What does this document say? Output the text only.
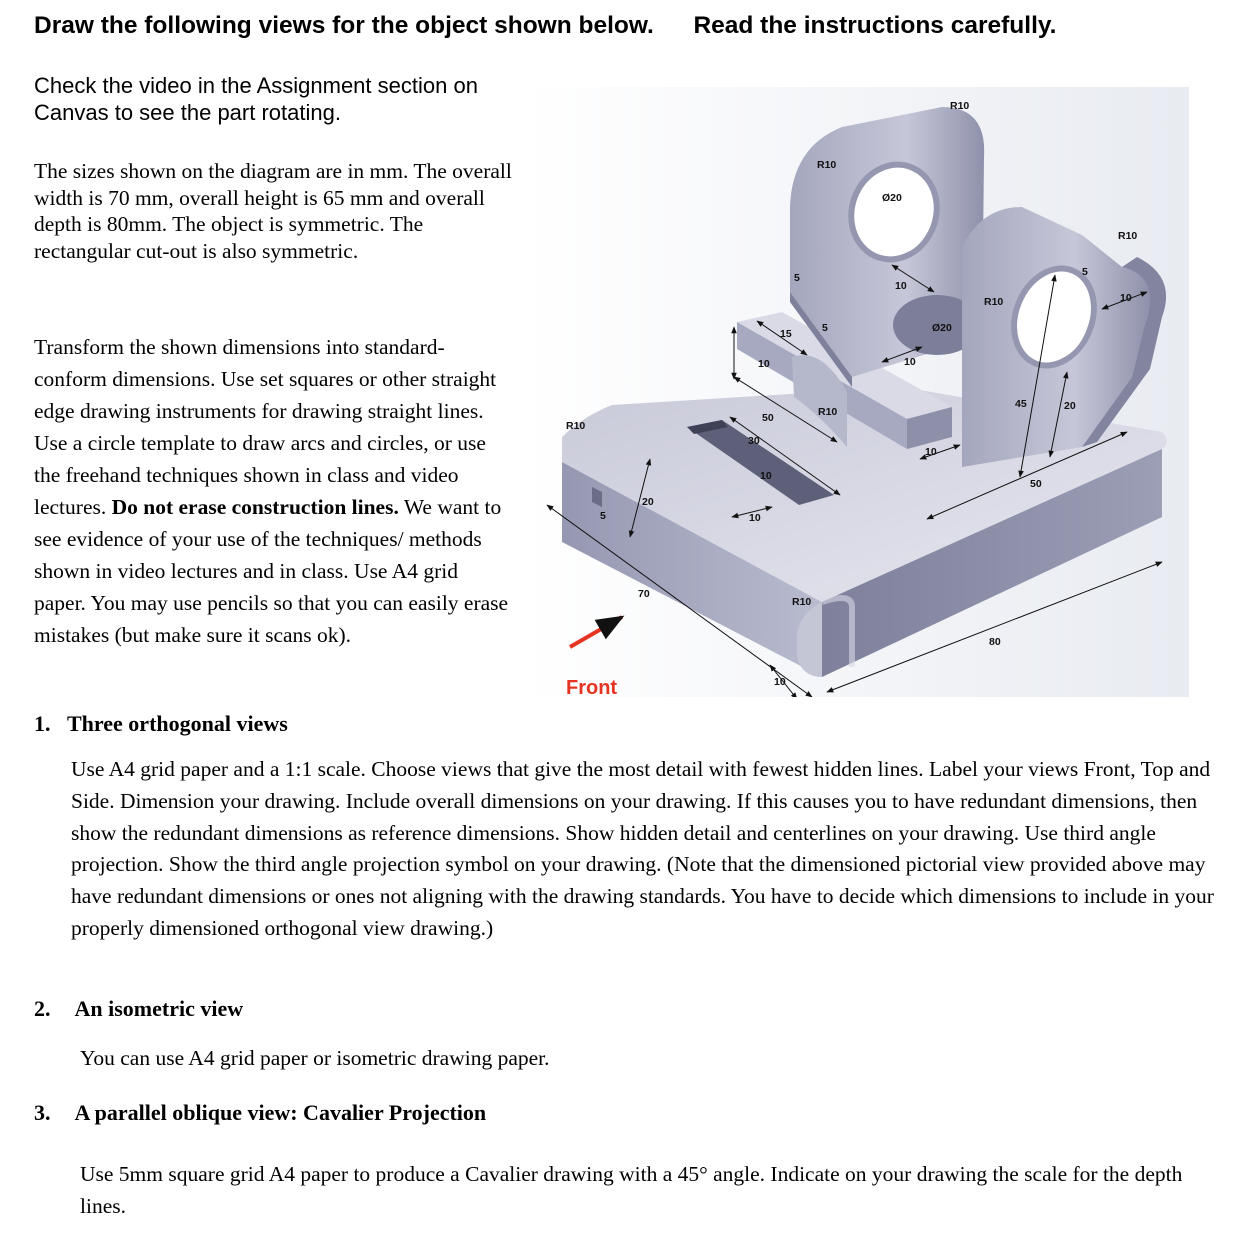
Draw the following views for the object shown below. Read the instructions carefully.
Check the video in the Assignment section on Canvas to see the part rotating.
The sizes shown on the diagram are in mm. The overall width is 70 mm, overall height is 65 mm and overall depth is 80mm. The object is symmetric. The rectangular cut-out is also symmetric.
Transform the shown dimensions into standard-conform dimensions. Use set squares or other straight edge drawing instruments for drawing straight lines. Use a circle template to draw arcs and circles, or use the freehand techniques shown in class and video lectures. Do not erase construction lines. We want to see evidence of your use of the techniques/ methods shown in video lectures and in class. Use A4 grid paper. You may use pencils so that you can easily erase mistakes (but make sure it scans ok).
Front
R10
R10
Ø20
R10
R10
Ø20
R10
R10
R10
5
5
5
5
10
10
10
10
10
10
10
10
15
50
30
20
70
45	20
50
80
1. Three orthogonal views
Use A4 grid paper and a 1:1 scale. Choose views that give the most detail with fewest hidden lines. Label your views Front, Top and Side. Dimension your drawing. Include overall dimensions on your drawing. If this causes you to have redundant dimensions, then show the redundant dimensions as reference dimensions. Show hidden detail and centerlines on your drawing. Use third angle projection. Show the third angle projection symbol on your drawing. (Note that the dimensioned pictorial view provided above may have redundant dimensions or ones not aligning with the drawing standards. You have to decide which dimensions to include in your properly dimensioned orthogonal view drawing.)
2. An isometric view
You can use A4 grid paper or isometric drawing paper.
3. A parallel oblique view: Cavalier Projection
Use 5mm square grid A4 paper to produce a Cavalier drawing with a 45° angle. Indicate on your drawing the scale for the depth lines.
